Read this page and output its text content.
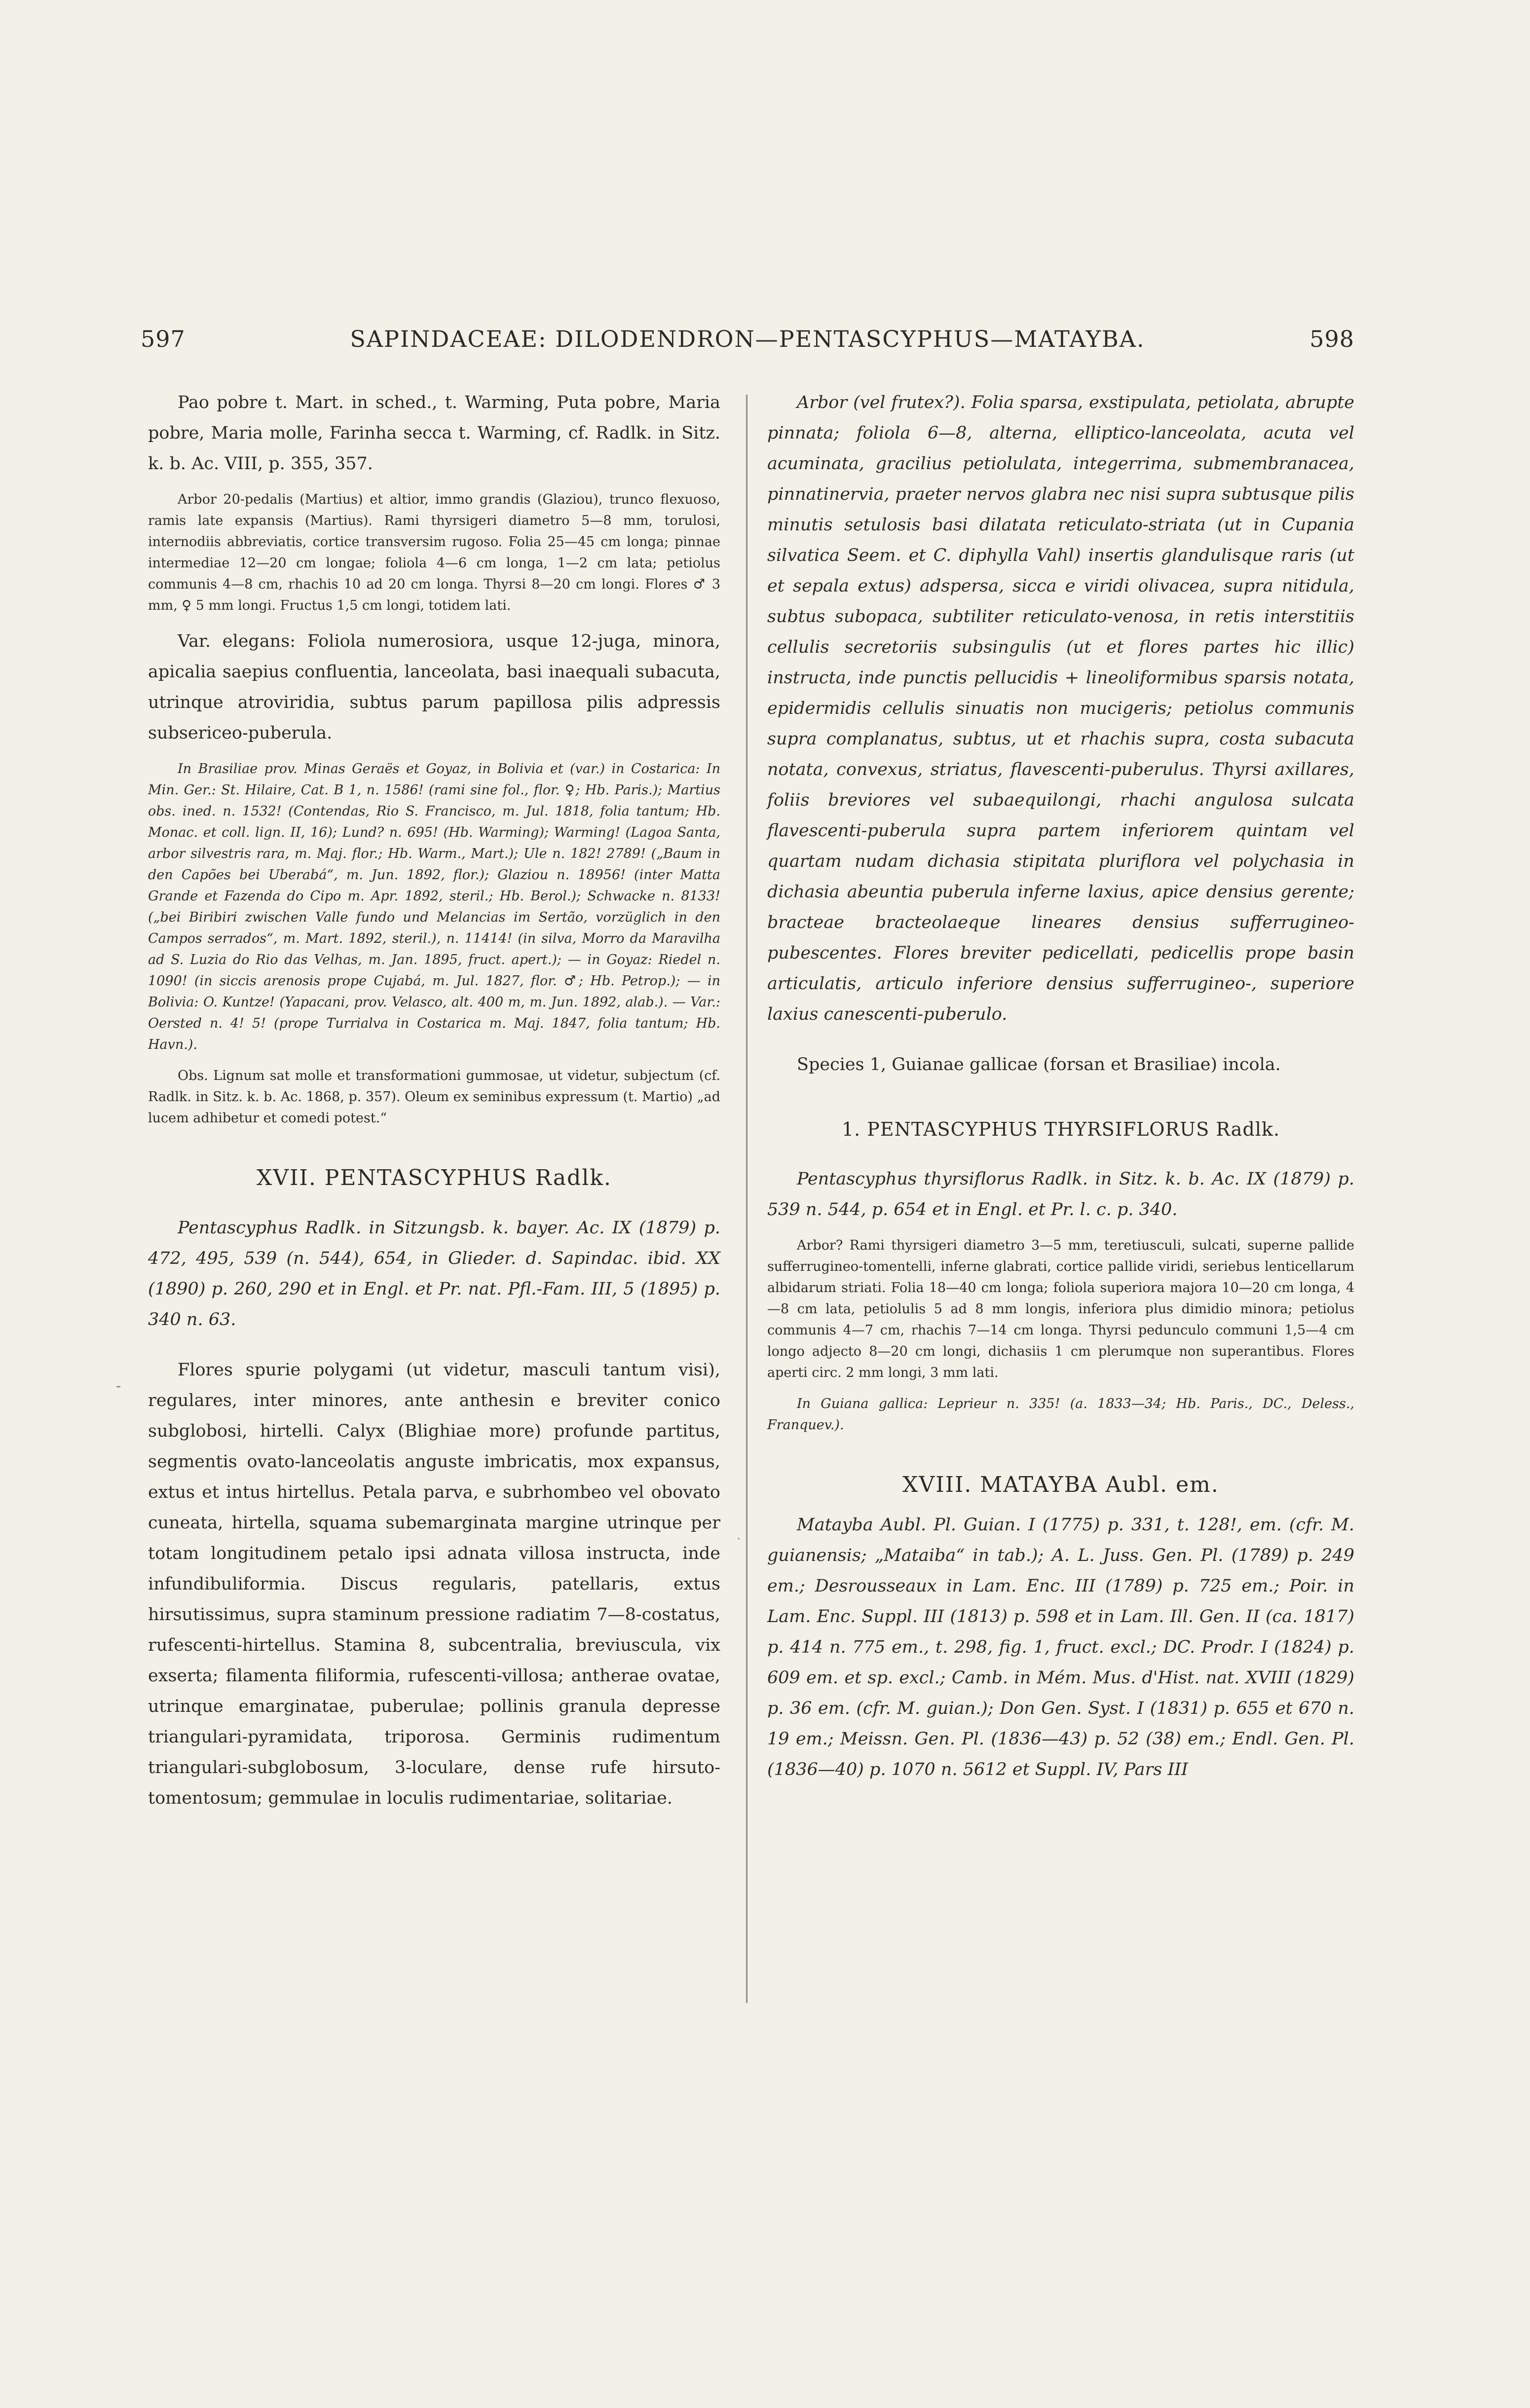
597	SAPINDACEAE: DILODENDRON—PENTASCYPHUS—MATAYBA.	598
-
.

Pao pobre t. Mart. in sched., t. Warming, Puta pobre, Maria pobre, Maria molle, Farinha secca t. Warming, cf. Radlk. in Sitz. k. b. Ac. VIII, p. 355, 357.

Arbor 20-pedalis (Martius) et altior, immo grandis (Glaziou), trunco flexuoso, ramis late expansis (Martius). Rami thyrsigeri diametro 5—8 mm, torulosi, internodiis abbreviatis, cortice transversim rugoso. Folia 25—45 cm longa; pinnae intermediae 12—20 cm longae; foliola 4—6 cm longa, 1—2 cm lata; petiolus communis 4—8 cm, rhachis 10 ad 20 cm longa. Thyrsi 8—20 cm longi. Flores ♂ 3 mm, ♀ 5 mm longi. Fructus 1,5 cm longi, totidem lati.

Var. elegans: Foliola numerosiora, usque 12-juga, minora, apicalia saepius confluentia, lanceolata, basi inaequali subacuta, utrinque atroviridia, subtus parum papillosa pilis adpressis subsericeo-puberula.

In Brasiliae prov. Minas Geraës et Goyaz, in Bolivia et (var.) in Costarica: In Min. Ger.: St. Hilaire, Cat. B 1, n. 1586! (rami sine fol., flor. ♀; Hb. Paris.); Martius obs. ined. n. 1532! (Contendas, Rio S. Francisco, m. Jul. 1818, folia tantum; Hb. Monac. et coll. lign. II, 16); Lund? n. 695! (Hb. Warming); Warming! (Lagoa Santa, arbor silvestris rara, m. Maj. flor.; Hb. Warm., Mart.); Ule n. 182! 2789! („Baum in den Capões bei Uberabá“, m. Jun. 1892, flor.); Glaziou n. 18956! (inter Matta Grande et Fazenda do Cipo m. Apr. 1892, steril.; Hb. Berol.); Schwacke n. 8133! („bei Biribiri zwischen Valle fundo und Melancias im Sertão, vorzüglich in den Campos serrados“, m. Mart. 1892, steril.), n. 11414! (in silva, Morro da Maravilha ad S. Luzia do Rio das Velhas, m. Jan. 1895, fruct. apert.); — in Goyaz: Riedel n. 1090! (in siccis arenosis prope Cujabá, m. Jul. 1827, flor. ♂; Hb. Petrop.); — in Bolivia: O. Kuntze! (Yapacani, prov. Velasco, alt. 400 m, m. Jun. 1892, alab.). — Var.: Oersted n. 4! 5! (prope Turrialva in Costarica m. Maj. 1847, folia tantum; Hb. Havn.).

Obs. Lignum sat molle et transformationi gummosae, ut videtur, subjectum (cf. Radlk. in Sitz. k. b. Ac. 1868, p. 357). Oleum ex seminibus expressum (t. Martio) „ad lucem adhibetur et comedi potest.“

XVII. PENTASCYPHUS Radlk.

Pentascyphus Radlk. in Sitzungsb. k. bayer. Ac. IX (1879) p. 472, 495, 539 (n. 544), 654, in Glieder. d. Sapindac. ibid. XX (1890) p. 260, 290 et in Engl. et Pr. nat. Pfl.-Fam. III, 5 (1895) p. 340 n. 63.

Flores spurie polygami (ut videtur, masculi tantum visi), regulares, inter minores, ante anthesin e breviter conico subglobosi, hirtelli. Calyx (Blighiae more) profunde partitus, segmentis ovato-lanceolatis anguste imbricatis, mox expansus, extus et intus hirtellus. Petala parva, e subrhombeo vel obovato cuneata, hirtella, squama subemarginata margine utrinque per totam longitudinem petalo ipsi adnata villosa instructa, inde infundibuliformia. Discus regularis, patellaris, extus hirsutissimus, supra staminum pressione radiatim 7—8-costatus, rufescenti-hirtellus. Stamina 8, subcentralia, breviuscula, vix exserta; filamenta filiformia, rufescenti-villosa; antherae ovatae, utrinque emarginatae, puberulae; pollinis granula depresse triangulari-pyramidata, triporosa. Germinis rudimentum triangulari-subglobosum, 3-loculare, dense rufe hirsuto-tomentosum; gemmulae in loculis rudimentariae, solitariae.

Arbor (vel frutex?). Folia sparsa, exstipulata, petiolata, abrupte pinnata; foliola 6—8, alterna, elliptico-lanceolata, acuta vel acuminata, gracilius petiolulata, integerrima, submembranacea, pinnatinervia, praeter nervos glabra nec nisi supra subtusque pilis minutis setulosis basi dilatata reticulato-striata (ut in Cupania silvatica Seem. et C. diphylla Vahl) insertis glandulisque raris (ut et sepala extus) adspersa, sicca e viridi olivacea, supra nitidula, subtus subopaca, subtiliter reticulato-venosa, in retis interstitiis cellulis secretoriis subsingulis (ut et flores partes hic illic) instructa, inde punctis pellucidis + lineoliformibus sparsis notata, epidermidis cellulis sinuatis non mucigeris; petiolus communis supra complanatus, subtus, ut et rhachis supra, costa subacuta notata, convexus, striatus, flavescenti-puberulus. Thyrsi axillares, foliis breviores vel subaequilongi, rhachi angulosa sulcata flavescenti-puberula supra partem inferiorem quintam vel quartam nudam dichasia stipitata pluriflora vel polychasia in dichasia abeuntia puberula inferne laxius, apice densius gerente; bracteae bracteolaeque lineares densius sufferrugineo-pubescentes. Flores breviter pedicellati, pedicellis prope basin articulatis, articulo inferiore densius sufferrugineo-, superiore laxius canescenti-puberulo.

Species 1, Guianae gallicae (forsan et Brasiliae) incola.

1. PENTASCYPHUS THYRSIFLORUS Radlk.

Pentascyphus thyrsiflorus Radlk. in Sitz. k. b. Ac. IX (1879) p. 539 n. 544, p. 654 et in Engl. et Pr. l. c. p. 340.

Arbor? Rami thyrsigeri diametro 3—5 mm, teretiusculi, sulcati, superne pallide sufferrugineo-tomentelli, inferne glabrati, cortice pallide viridi, seriebus lenticellarum albidarum striati. Folia 18—40 cm longa; foliola superiora majora 10—20 cm longa, 4—8 cm lata, petiolulis 5 ad 8 mm longis, inferiora plus dimidio minora; petiolus communis 4—7 cm, rhachis 7—14 cm longa. Thyrsi pedunculo communi 1,5—4 cm longo adjecto 8—20 cm longi, dichasiis 1 cm plerumque non superantibus. Flores aperti circ. 2 mm longi, 3 mm lati.

In Guiana gallica: Leprieur n. 335! (a. 1833—34; Hb. Paris., DC., Deless., Franquev.).

XVIII. MATAYBA Aubl. em.

Matayba Aubl. Pl. Guian. I (1775) p. 331, t. 128!, em. (cfr. M. guianensis; „Mataiba“ in tab.); A. L. Juss. Gen. Pl. (1789) p. 249 em.; Desrousseaux in Lam. Enc. III (1789) p. 725 em.; Poir. in Lam. Enc. Suppl. III (1813) p. 598 et in Lam. Ill. Gen. II (ca. 1817) p. 414 n. 775 em., t. 298, fig. 1, fruct. excl.; DC. Prodr. I (1824) p. 609 em. et sp. excl.; Camb. in Mém. Mus. d'Hist. nat. XVIII (1829) p. 36 em. (cfr. M. guian.); Don Gen. Syst. I (1831) p. 655 et 670 n. 19 em.; Meissn. Gen. Pl. (1836—43) p. 52 (38) em.; Endl. Gen. Pl. (1836—40) p. 1070 n. 5612 et Suppl. IV, Pars III
